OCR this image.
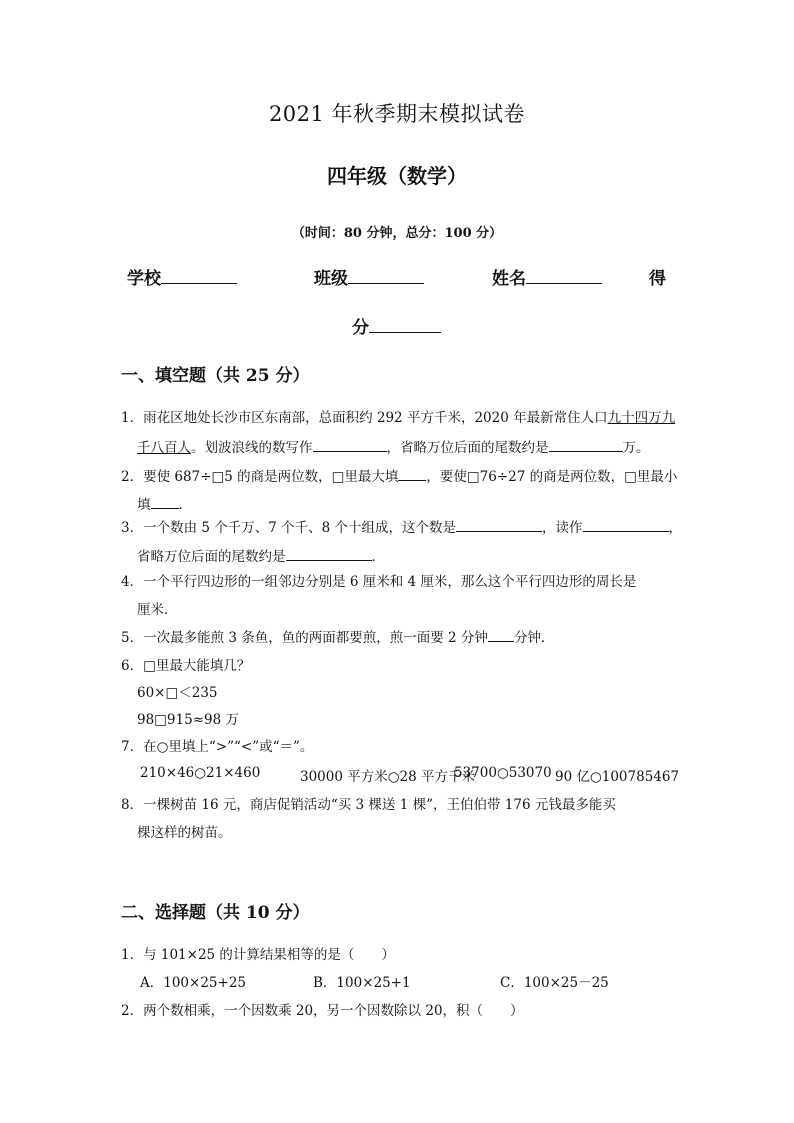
2021 年秋季期末模拟试卷
四年级（数学）
（时间：80 分钟，总分：100 分）
学校	班级	姓名	得
分
一、填空题（共 25 分）
1．雨花区地处长沙市区东南部，总面积约 292 平方千米，2020 年最新常住人口九十四万九
千八百人。划波浪线的数写作	，省略万位后面的尾数约是	万。
2．要使 687÷□5 的商是两位数，□里最大填 ，要使□76÷27 的商是两位数，□里最小
填 ．
3．一个数由 5 个千万、7 个千、8 个十组成，这个数是	，读作	，
省略万位后面的尾数约是	．
4．一个平行四边形的一组邻边分别是 6 厘米和 4 厘米，那么这个平行四边形的周长是
厘米．
5．一次最多能煎 3 条鱼，鱼的两面都要煎，煎一面要 2 分钟 分钟．
6．□里最大能填几？
60×□＜235
98□915≈98 万
7．在○里填上“>”“<”或“＝”。
210×46○21×460	30000 平方米○28 平方千米
53700○53070 90 亿○100785467
8．一棵树苗 16 元，商店促销活动“买 3 棵送 1 棵”，王伯伯带 176 元钱最多能买
棵这样的树苗。
二、选择题（共 10 分）
1．与 101×25 的计算结果相等的是（　　）
A．100×25+25	B．100×25+1	C．100×25－25
2．两个数相乘，一个因数乘 20，另一个因数除以 20，积（　　）
